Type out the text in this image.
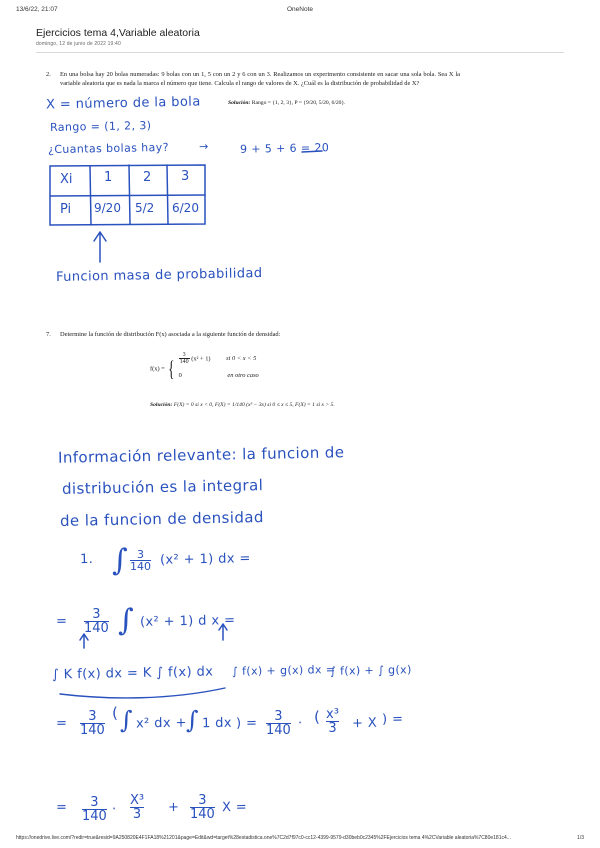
13/6/22, 21:07	OneNote
Ejercicios tema 4,Variable aleatoria
domingo, 12 de junio de 2022 19:40
2. En una bolsa hay 20 bolas numeradas: 9 bolas con un 1, 5 con un 2 y 6 con un 3. Realizamos un experimento consistente en sacar una sola bola. Sea X la variable aleatoria que es nada la marca el número que tiene. Calcula el rango de valores de X. ¿Cuál es la distribución de probabilidad de X?
Solución: Rango = {1, 2, 3}, P = {9/20, 5/20, 6/20}.
7. Determine la función de distribución F(x) asociada a la siguiente función de densidad:
f(x) = { $\frac{3}{140} (x^2 + 1)$ si 0 < x < 5
0	en otro caso
Solución: F(X) = 0 si x < 0, F(X) = 1/140 (x³ − 3x) si 0 ≤ x ≤ 5, F(X) = 1 si x > 5.
X = número de la bola
Rango = (1, 2, 3)
¿Cuantas bolas hay?	→	9 + 5 + 6 = 20
Xi 1 2 3
Pi 9/20 5/2 6/20
Funcion masa de probabilidad
Información relevante: la funcion de
distribución es la integral
de la funcion de densidad
1. ∫ 3
140 (x² + 1) dx =
=	3
140 ∫ (x² + 1) d x =
∫ K f(x) dx = K ∫ f(x) dx ∫ f(x) + g(x) dx =
∫ f(x) + ∫ g(x)
=	3
140
( ∫ x² dx + ∫ 1 dx ) =	3
140 · ( x³
3 + X ) =
=	3
140 ·
X³
3 +	3
140 X =
https://onedrive.live.com/?redir=true&resid=9A250820E4F1FA18%21201&page=Edit&wd=target%28estadistica.one%7C2d7f97c0-cc12-4399-9579-d30beb0c2345%2FEjercicios tema 4%2CVariable aleatoria%7C80e181c4...	1/3
